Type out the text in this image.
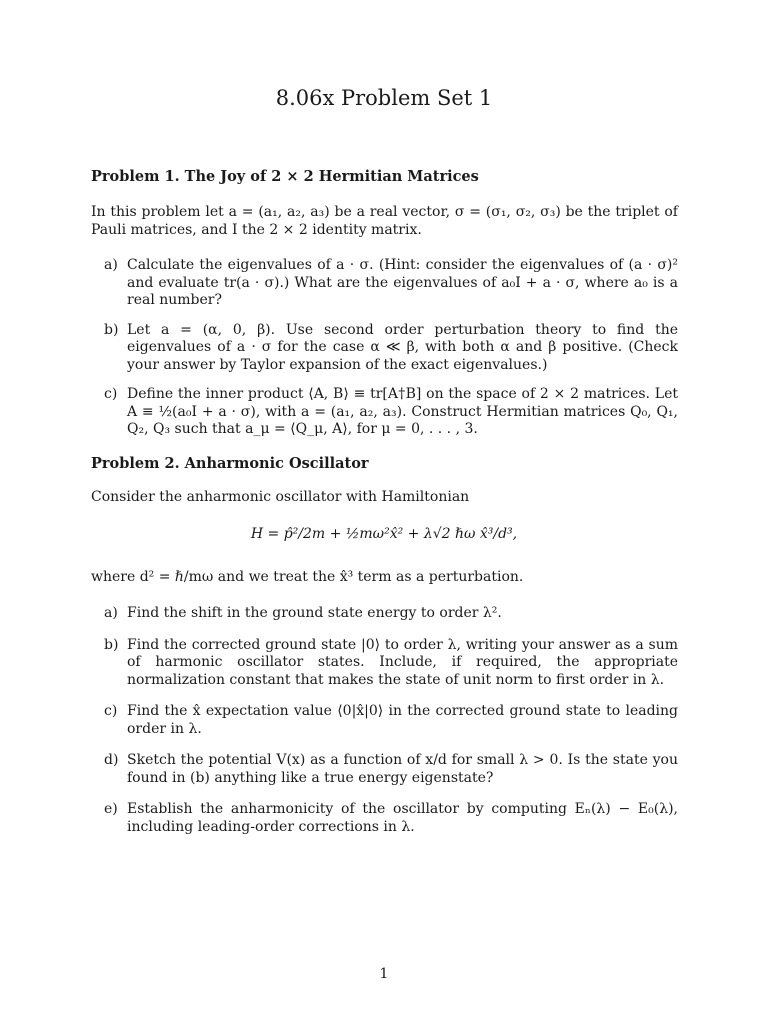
8.06x Problem Set 1
Problem 1. The Joy of 2 × 2 Hermitian Matrices

In this problem let a = (a₁, a₂, a₃) be a real vector, σ = (σ₁, σ₂, σ₃) be the triplet of Pauli matrices, and I the 2 × 2 identity matrix.

a) Calculate the eigenvalues of a · σ. (Hint: consider the eigenvalues of (a · σ)² and evaluate tr(a · σ).) What are the eigenvalues of a₀I + a · σ, where a₀ is a real number?
b) Let a = (α, 0, β). Use second order perturbation theory to find the eigenvalues of a · σ for the case α ≪ β, with both α and β positive. (Check your answer by Taylor expansion of the exact eigenvalues.)
c) Define the inner product ⟨A, B⟩ ≡ tr[A†B] on the space of 2 × 2 matrices. Let A ≡ ½(a₀I + a · σ), with a = (a₁, a₂, a₃). Construct Hermitian matrices Q₀, Q₁, Q₂, Q₃ such that a_μ = ⟨Q_μ, A⟩, for μ = 0, . . . , 3.
Problem 2. Anharmonic Oscillator

Consider the anharmonic oscillator with Hamiltonian

H = p̂²/2m + ½mω²x̂² + λ√2 ℏω x̂³/d³,

where d² = ℏ/mω and we treat the x̂³ term as a perturbation.

a) Find the shift in the ground state energy to order λ².
b) Find the corrected ground state |0⟩ to order λ, writing your answer as a sum of harmonic oscillator states. Include, if required, the appropriate normalization constant that makes the state of unit norm to first order in λ.
c) Find the x̂ expectation value ⟨0|x̂|0⟩ in the corrected ground state to leading order in λ.
d) Sketch the potential V(x) as a function of x/d for small λ > 0. Is the state you found in (b) anything like a true energy eigenstate?
e) Establish the anharmonicity of the oscillator by computing Eₙ(λ) − E₀(λ), including leading-order corrections in λ.
1
